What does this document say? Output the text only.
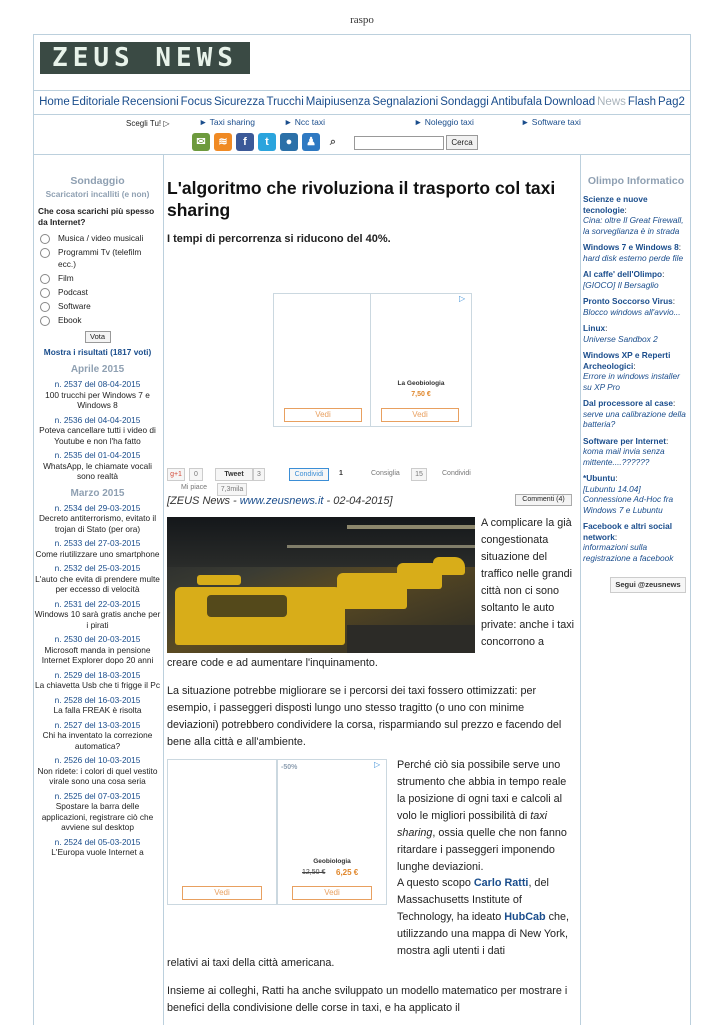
raspo
ZEUS NEWS
Home Editoriale Recensioni Focus Sicurezza Trucchi Maipiusenza Segnalazioni Sondaggi Antibufala Download News Flash Pag2
Scegli Tu! ▷	► Taxi sharing	► Ncc taxi	► Noleggio taxi	► Software taxi
✉	≋	f	t	●	♟	⌕	Cerca
Sondaggio
Scaricatori incalliti (e non)
Che cosa scarichi più spesso da Internet?
Musica / video musicali
Programmi Tv (telefilm ecc.)
Film
Podcast
Software
Ebook
Vota
Mostra i risultati (1817 voti)
Aprile 2015
n. 2537 del 08-04-2015
100 trucchi per Windows 7 e Windows 8
n. 2536 del 04-04-2015
Poteva cancellare tutti i video di Youtube e non l'ha fatto
n. 2535 del 01-04-2015
WhatsApp, le chiamate vocali sono realtà
Marzo 2015
n. 2534 del 29-03-2015
Decreto antiterrorismo, evitato il trojan di Stato (per ora)
n. 2533 del 27-03-2015
Come riutilizzare uno smartphone
n. 2532 del 25-03-2015
L'auto che evita di prendere multe per eccesso di velocità
n. 2531 del 22-03-2015
Windows 10 sarà gratis anche per i pirati
n. 2530 del 20-03-2015
Microsoft manda in pensione Internet Explorer dopo 20 anni
n. 2529 del 18-03-2015
La chiavetta Usb che ti frigge il Pc
n. 2528 del 16-03-2015
La falla FREAK è risolta
n. 2527 del 13-03-2015
Chi ha inventato la correzione automatica?
n. 2526 del 10-03-2015
Non ridete: i colori di quel vestito virale sono una cosa seria
n. 2525 del 07-03-2015
Spostare la barra delle applicazioni, registrare ciò che avviene sul desktop
n. 2524 del 05-03-2015
L'Europa vuole Internet a
L'algoritmo che rivoluziona il trasporto col taxi sharing
I tempi di percorrenza si riducono del 40%.
Vedi
▷
La Geobiologia
7,50 €
Vedi
g+1	0	Tweet	3	Condividi	1	Consiglia	15	Condividi
Mi piace	7,3mila
[ZEUS News - www.zeusnews.it - 02-04-2015]	Commenti (4)
A complicare la già congestionata situazione del traffico nelle grandi città non ci sono soltanto le auto private: anche i taxi concorrono a
creare code e ad aumentare l'inquinamento.
La situazione potrebbe migliorare se i percorsi dei taxi fossero ottimizzati: per esempio, i passeggeri disposti lungo uno stesso tragitto (o uno con minime deviazioni) potrebbero condividere la corsa, risparmiando sul prezzo e facendo del bene alla città e all'ambiente.
Vedi
▷
-50%
Geobiologia
12,50 € 6,25 €
Vedi
Perché ciò sia possibile serve uno strumento che abbia in tempo reale la posizione di ogni taxi e calcoli al volo le migliori possibilità di taxi sharing, ossia quelle che non fanno ritardare i passeggeri imponendo lunghe deviazioni.
A questo scopo Carlo Ratti, del Massachusetts Institute of Technology, ha ideato HubCab che, utilizzando una mappa di New York, mostra agli utenti i dati
relativi ai taxi della città americana.
Insieme ai colleghi, Ratti ha anche sviluppato un modello matematico per mostrare i benefici della condivisione delle corse in taxi, e ha applicato il
Olimpo Informatico
Scienze e nuove tecnologie:
Cina: oltre Il Great Firewall, la sorveglianza è in strada
Windows 7 e Windows 8:
hard disk esterno perde file
Al caffe' dell'Olimpo:
[GIOCO] Il Bersaglio
Pronto Soccorso Virus:
Blocco windows all'avvio...
Linux:
Universe Sandbox 2
Windows XP e Reperti Archeologici:
Errore in windows installer su XP Pro
Dal processore al case:
serve una calibrazione della batteria?
Software per Internet:
koma mail invia senza mittente....??????
*Ubuntu:
[Lubuntu 14.04] Connessione Ad-Hoc fra Windows 7 e Lubuntu
Facebook e altri social network:
informazioni sulla registrazione a facebook
Segui @zeusnews
